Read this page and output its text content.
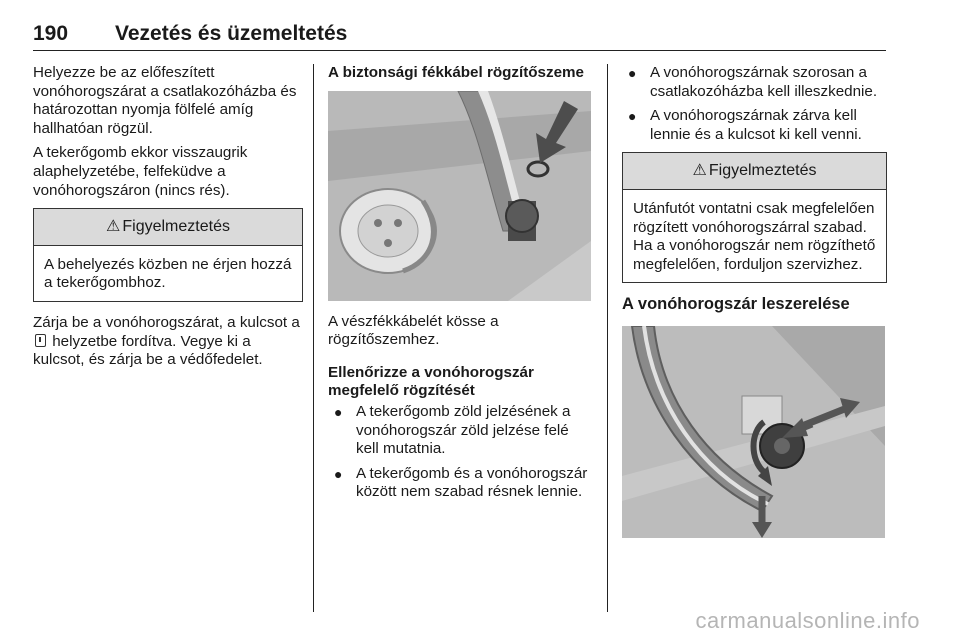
190 Vezetés és üzemeltetés

Helyezze be az előfeszített vonóhorogszárat a csatlakozóházba és határozottan nyomja fölfelé amíg hallhatóan rögzül.

A tekerőgomb ekkor visszaugrik alaphelyzetébe, felfeküdve a vonóhorogszáron (nincs rés).

⚠ Figyelmeztetés
A behelyezés közben ne érjen hozzá a tekerőgombhoz.

Zárja be a vonóhorogszárat, a kulcsot a  helyzetbe fordítva. Vegye ki a kulcsot, és zárja be a védőfedelet.

A biztonsági fékkábel rögzítőszeme

A vészfékkábelét kösse a rögzítőszemhez.

Ellenőrizze a vonóhorogszár megfelelő rögzítését
● A tekerőgomb zöld jelzésének a vonóhorogszár zöld jelzése felé kell mutatnia.
● A tekerőgomb és a vonóhorogszár között nem szabad résnek lennie.
● A vonóhorogszárnak szorosan a csatlakozóházba kell illeszkednie.
● A vonóhorogszárnak zárva kell lennie és a kulcsot ki kell venni.
⚠ Figyelmeztetés
Utánfutót vontatni csak megfelelően rögzített vonóhorogszárral szabad. Ha a vonóhorogszár nem rögzíthető megfelelően, forduljon szervizhez.
A vonóhorogszár leszerelése
carmanualsonline.info
